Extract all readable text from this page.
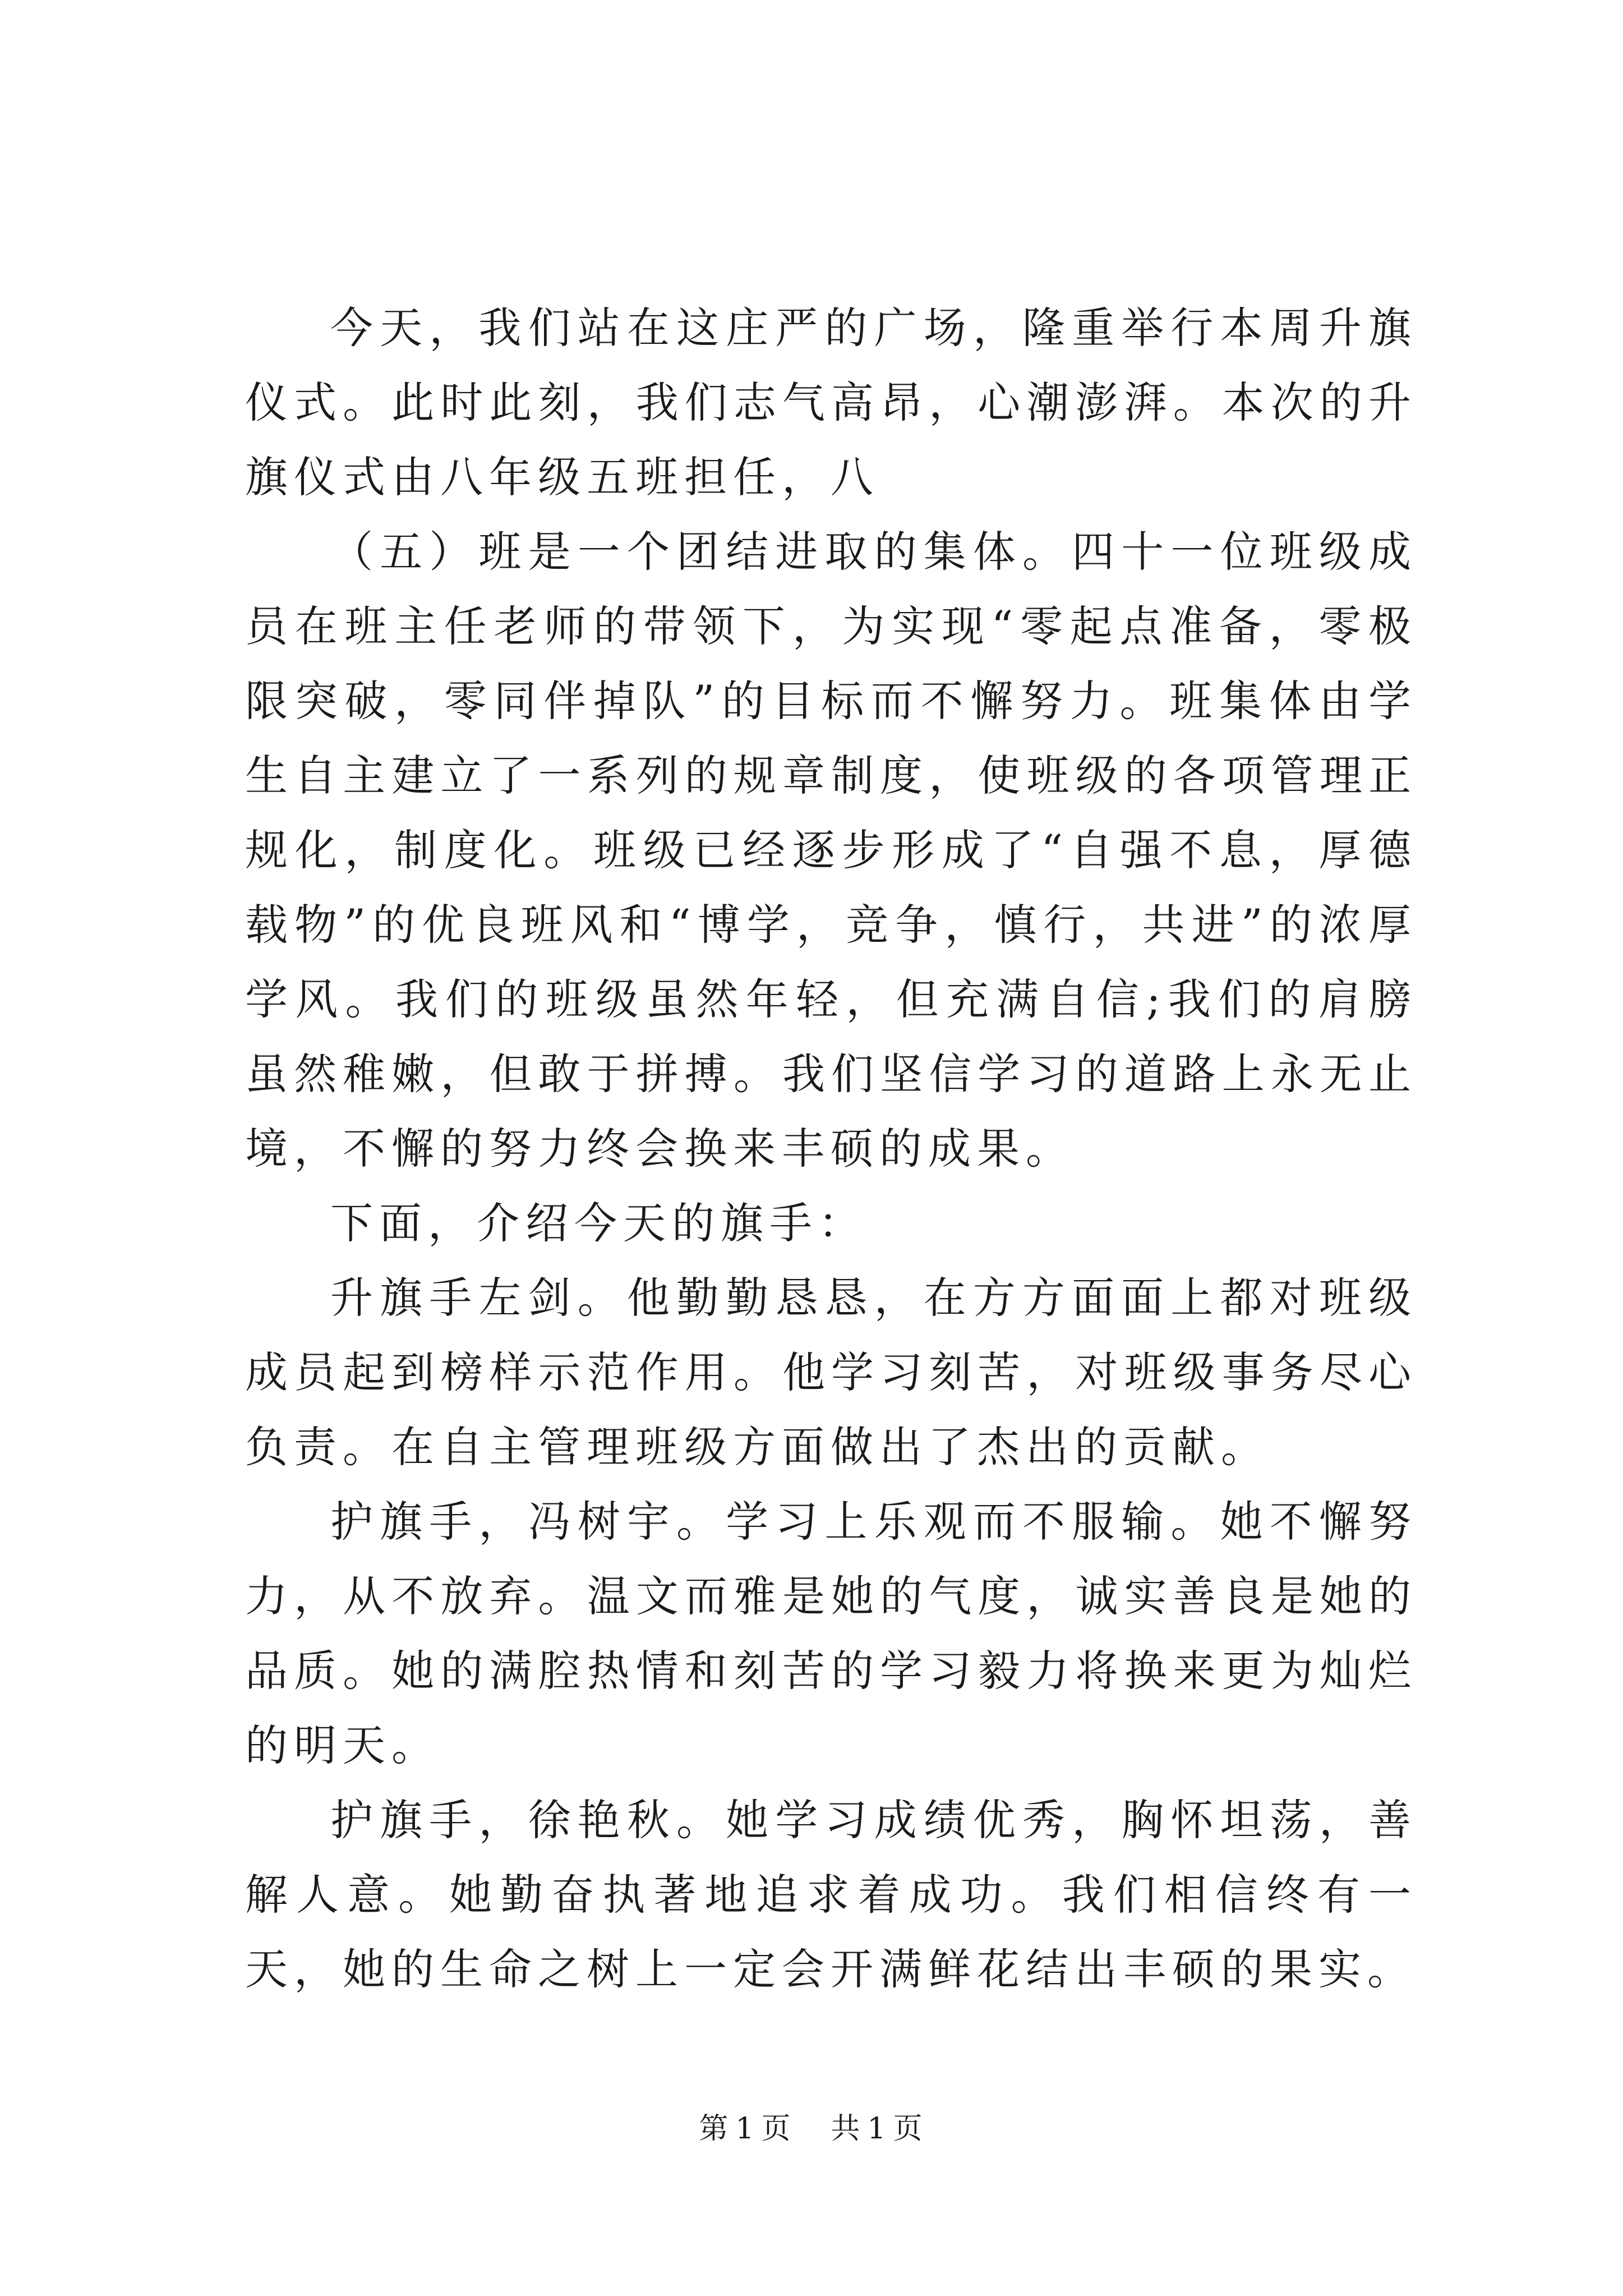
今天，我们站在这庄严的广场，隆重举行本周升旗仪式。此时此刻，我们志气高昂，心潮澎湃。本次的升旗仪式由八年级五班担任，八

（五）班是一个团结进取的集体。四十一位班级成员在班主任老师的带领下，为实现“零起点准备，零极限突破，零同伴掉队”的目标而不懈努力。班集体由学生自主建立了一系列的规章制度，使班级的各项管理正规化，制度化。班级已经逐步形成了“自强不息，厚德载物”的优良班风和“博学，竞争，慎行，共进”的浓厚学风。我们的班级虽然年轻，但充满自信;我们的肩膀虽然稚嫩，但敢于拼搏。我们坚信学习的道路上永无止境，不懈的努力终会换来丰硕的成果。

下面，介绍今天的旗手：

升旗手左剑。他勤勤恳恳，在方方面面上都对班级成员起到榜样示范作用。他学习刻苦，对班级事务尽心负责。在自主管理班级方面做出了杰出的贡献。

护旗手，冯树宇。学习上乐观而不服输。她不懈努力，从不放弃。温文而雅是她的气度，诚实善良是她的品质。她的满腔热情和刻苦的学习毅力将换来更为灿烂的明天。

护旗手，徐艳秋。她学习成绩优秀，胸怀坦荡，善解人意。她勤奋执著地追求着成功。我们相信终有一天，她的生命之树上一定会开满鲜花结出丰硕的果实。

第 1 页 共 1 页
